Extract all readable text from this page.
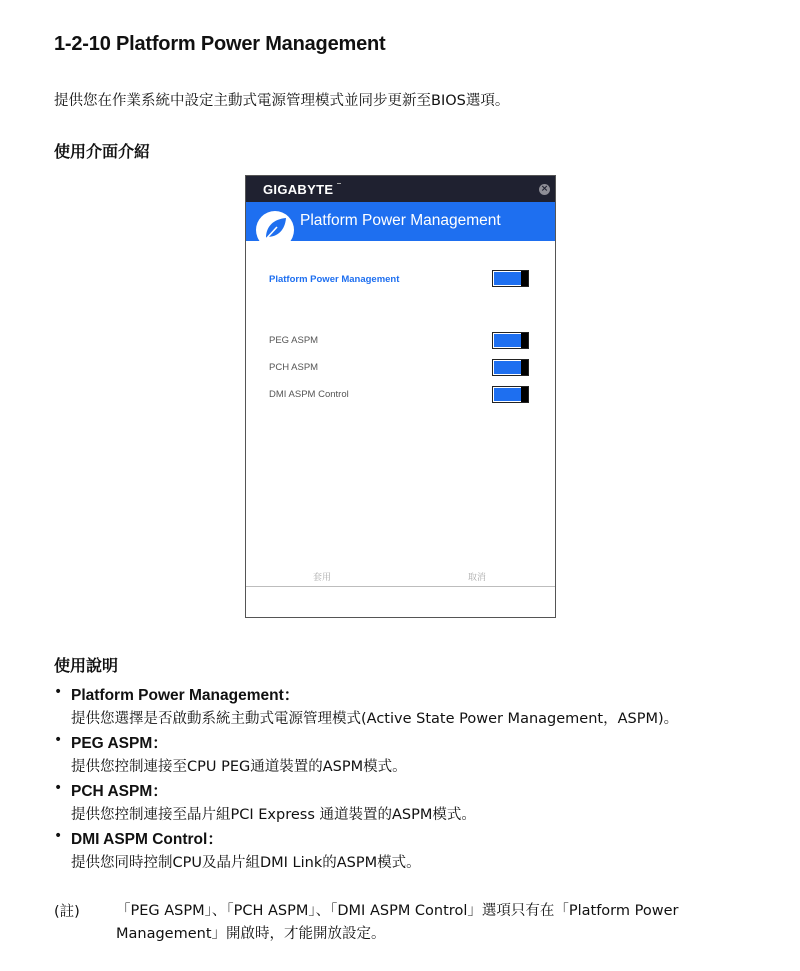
1-2-10 Platform Power Management
提供您在作業系統中設定主動式電源管理模式並同步更新至BIOS選項。
使用介面介紹
GIGABYTE	×
Platform Power Management
Platform Power Management
PEG ASPM
PCH ASPM
DMI ASPM Control
套用	取消
使用說明
• Platform Power Management：
提供您選擇是否啟動系統主動式電源管理模式(Active State Power Management，ASPM)。
• PEG ASPM：
提供您控制連接至CPU PEG通道裝置的ASPM模式。
• PCH ASPM：
提供您控制連接至晶片組PCI Express 通道裝置的ASPM模式。
• DMI ASPM Control：
提供您同時控制CPU及晶片組DMI Link的ASPM模式。
(註) 「PEG ASPM」、「PCH ASPM」、「DMI ASPM Control」選項只有在「Platform Power Management」開啟時，才能開放設定。
